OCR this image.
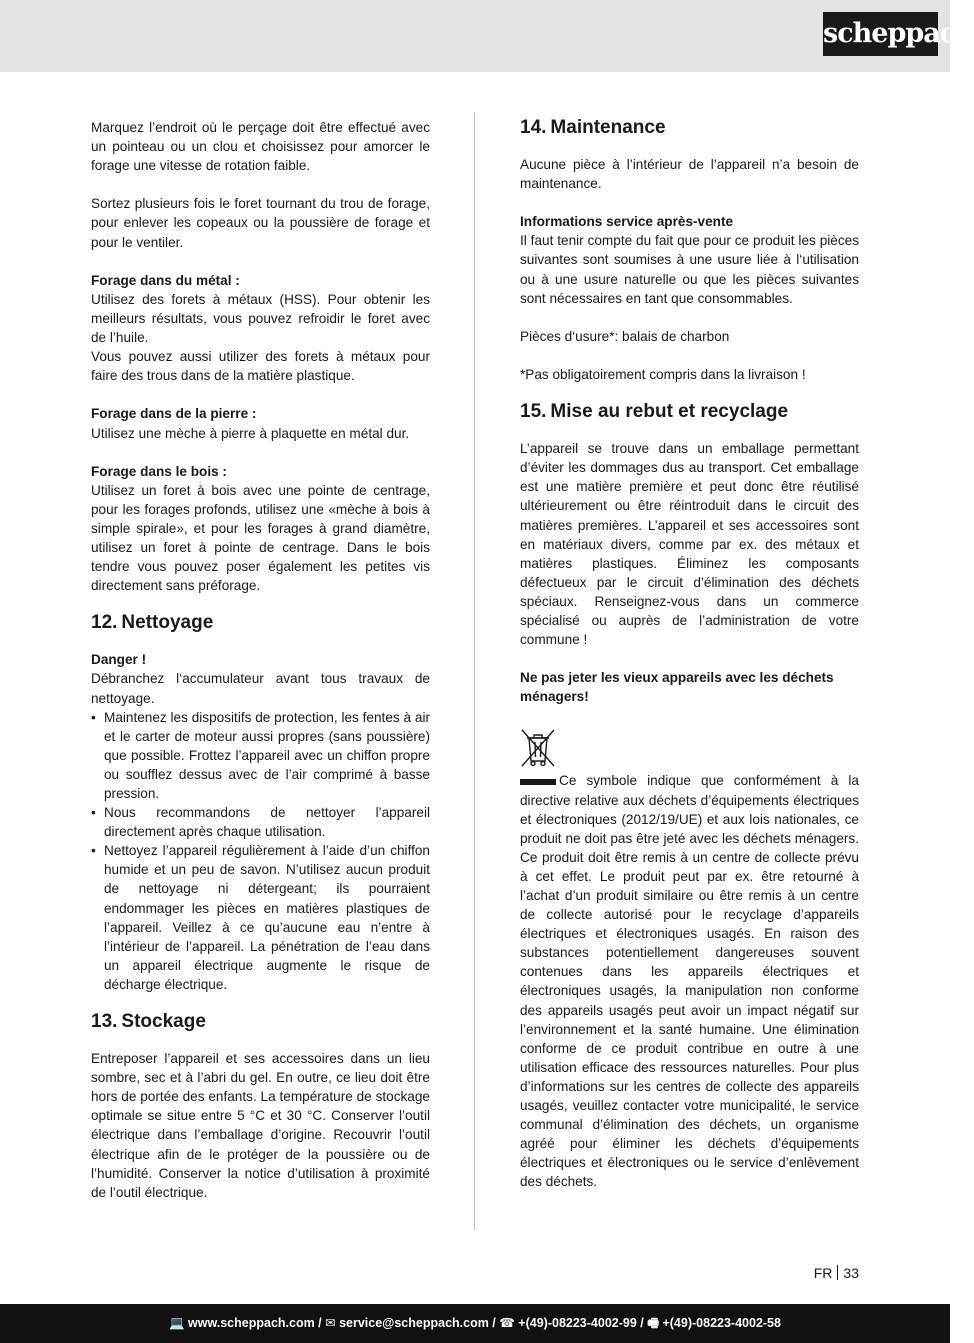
scheppach

Marquez l’endroit où le perçage doit être effectué avec un pointeau ou un clou et choisissez pour amorcer le forage une vitesse de rotation faible.

Sortez plusieurs fois le foret tournant du trou de forage, pour enlever les copeaux ou la poussière de forage et pour le ventiler.

Forage dans du métal :

Utilisez des forets à métaux (HSS). Pour obtenir les meilleurs résultats, vous pouvez refroidir le foret avec de l’huile.

Vous pouvez aussi utilizer des forets à métaux pour faire des trous dans de la matière plastique.

Forage dans de la pierre :

Utilisez une mèche à pierre à plaquette en métal dur.

Forage dans le bois :

Utilisez un foret à bois avec une pointe de centrage, pour les forages profonds, utilisez une «mèche à bois à simple spirale», et pour les forages à grand diamètre, utilisez un foret à pointe de centrage. Dans le bois tendre vous pouvez poser également les petites vis directement sans préforage.

12. Nettoyage

Danger !

Débranchez l‘accumulateur avant tous travaux de nettoyage.

• Maintenez les dispositifs de protection, les fentes à air et le carter de moteur aussi propres (sans poussière) que possible. Frottez l’appareil avec un chiffon propre ou soufflez dessus avec de l’air comprimé à basse pression.
• Nous recommandons de nettoyer l’appareil directement après chaque utilisation.
• Nettoyez l’appareil régulièrement à l’aide d’un chiffon humide et un peu de savon. N’utilisez aucun produit de nettoyage ni détergeant; ils pourraient endommager les pièces en matières plastiques de l’appareil. Veillez à ce qu’aucune eau n’entre à l’intérieur de l’appareil. La pénétration de l’eau dans un appareil électrique augmente le risque de décharge électrique.
13. Stockage

Entreposer l’appareil et ses accessoires dans un lieu sombre, sec et à l’abri du gel. En outre, ce lieu doit être hors de portée des enfants. La température de stockage optimale se situe entre 5 °C et 30 °C. Conserver l’outil électrique dans l’emballage d’origine. Recouvrir l’outil électrique afin de le protéger de la poussière ou de l’humidité. Conserver la notice d’utilisation à proximité de l’outil électrique.

14. Maintenance

Aucune pièce à l’intérieur de l’appareil n’a besoin de maintenance.

Informations service après-vente

Il faut tenir compte du fait que pour ce produit les pièces suivantes sont soumises à une usure liée à l‘utilisation ou à une usure naturelle ou que les pièces suivantes sont nécessaires en tant que consommables.

Pièces d‘usure*: balais de charbon

*Pas obligatoirement compris dans la livraison !

15. Mise au rebut et recyclage

L’appareil se trouve dans un emballage permettant d’éviter les dommages dus au transport. Cet emballage est une matière première et peut donc être réutilisé ultérieurement ou être réintroduit dans le circuit des matières premières. L’appareil et ses accessoires sont en matériaux divers, comme par ex. des métaux et matières plastiques. Éliminez les composants défectueux par le circuit d’élimination des déchets spéciaux. Renseignez-vous dans un commerce spécialisé ou auprès de l’administration de votre commune !

Ne pas jeter les vieux appareils avec les déchets ménagers!

Ce symbole indique que conformément à la directive relative aux déchets d’équipements électriques et électroniques (2012/19/UE) et aux lois nationales, ce produit ne doit pas être jeté avec les déchets ménagers. Ce produit doit être remis à un centre de collecte prévu à cet effet. Le produit peut par ex. être retourné à l’achat d’un produit similaire ou être remis à un centre de collecte autorisé pour le recyclage d’appareils électriques et électroniques usagés. En raison des substances potentiellement dangereuses souvent contenues dans les appareils électriques et électroniques usagés, la manipulation non conforme des appareils usagés peut avoir un impact négatif sur l’environnement et la santé humaine. Une élimination conforme de ce produit contribue en outre à une utilisation efficace des ressources naturelles. Pour plus d’informations sur les centres de collecte des appareils usagés, veuillez contacter votre municipalité, le service communal d’élimination des déchets, un organisme agréé pour éliminer les déchets d’équipements électriques et électroniques ou le service d’enlèvement des déchets.

FR 33
💻 www.scheppach.com / ✉ service@scheppach.com / ☎ +(49)-08223-4002-99 / 🖷 +(49)-08223-4002-58
